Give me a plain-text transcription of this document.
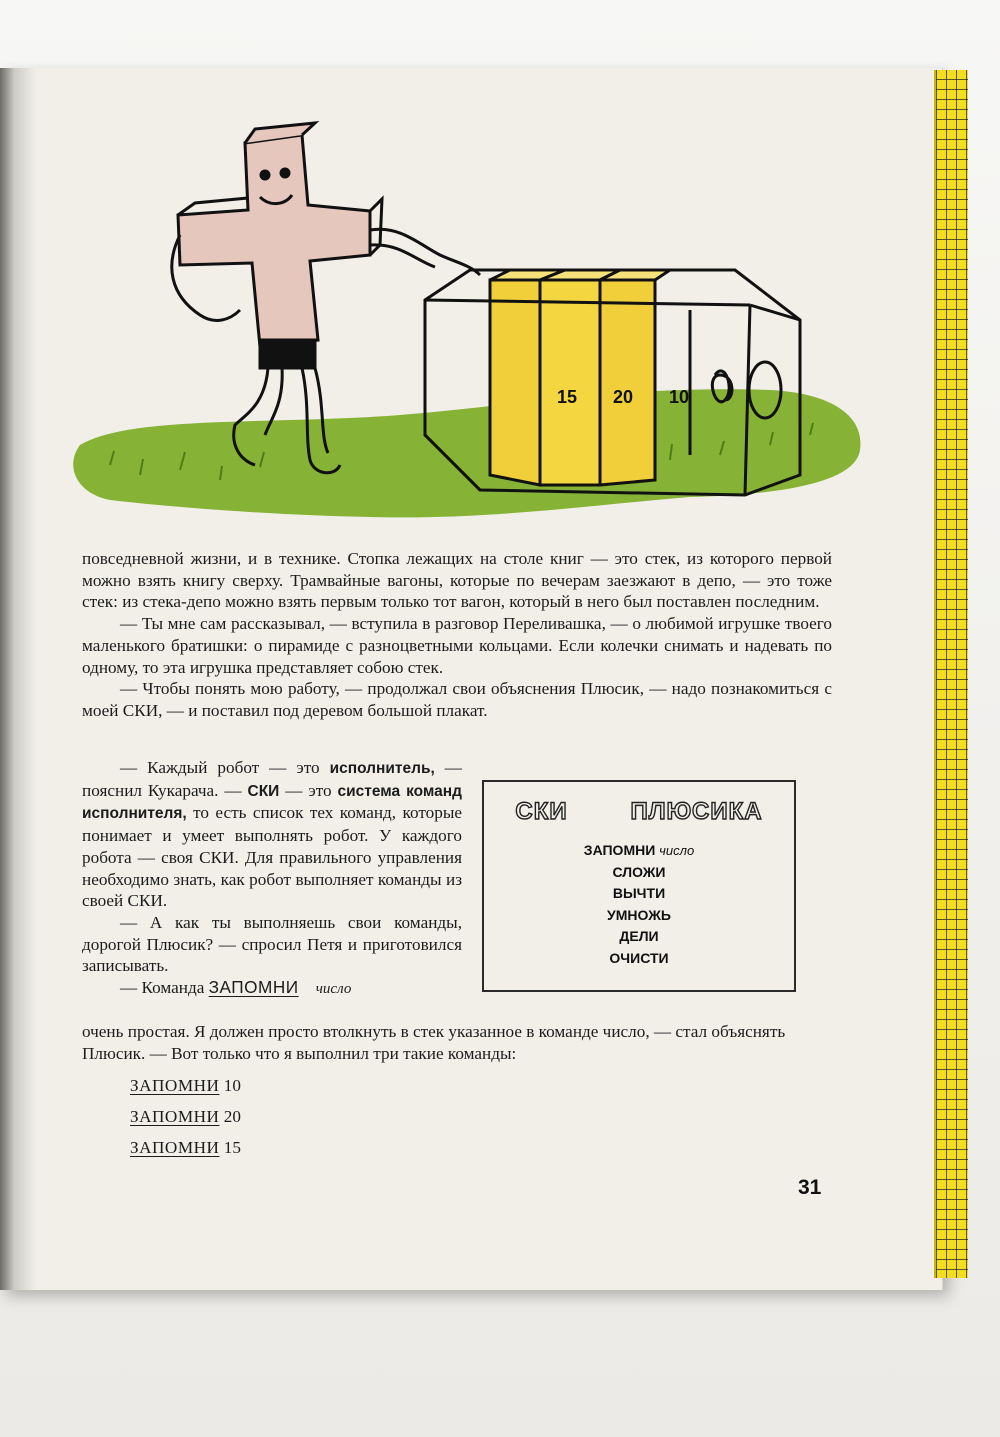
15 20 10

повседневной жизни, и в технике. Стопка лежащих на столе книг — это стек, из которого первой можно взять книгу сверху. Трамвайные вагоны, которые по вечерам заезжают в депо, — это тоже стек: из стека-депо можно взять первым только тот вагон, который в него был поставлен последним.

— Ты мне сам рассказывал, — вступила в разговор Переливашка, — о любимой игрушке твоего маленького братишки: о пирамиде с разноцветными кольцами. Если колечки снимать и надевать по одному, то эта игрушка представляет собою стек.

— Чтобы понять мою работу, — продолжал свои объяснения Плюсик, — надо познакомиться с моей СКИ, — и поставил под деревом большой плакат.

— Каждый робот — это исполнитель, — пояснил Кукарача. — СКИ — это система команд исполнителя, то есть список тех команд, которые понимает и умеет выполнять робот. У каждого робота — своя СКИ. Для правильного управления необходимо знать, как робот выполняет команды из своей СКИ.

— А как ты выполняешь свои команды, дорогой Плюсик? — спросил Петя и приготовился записывать.

— Команда ЗАПОМНИ число

очень простая. Я должен просто втолкнуть в стек указанное в команде число, — стал объяснять Плюсик. — Вот только что я выполнил три такие команды:

СКИ	ПЛЮСИКА
ЗАПОМНИ число
СЛОЖИ
ВЫЧТИ
УМНОЖЬ
ДЕЛИ
ОЧИСТИ
ЗАПОМНИ 10
ЗАПОМНИ 20
ЗАПОМНИ 15
31
